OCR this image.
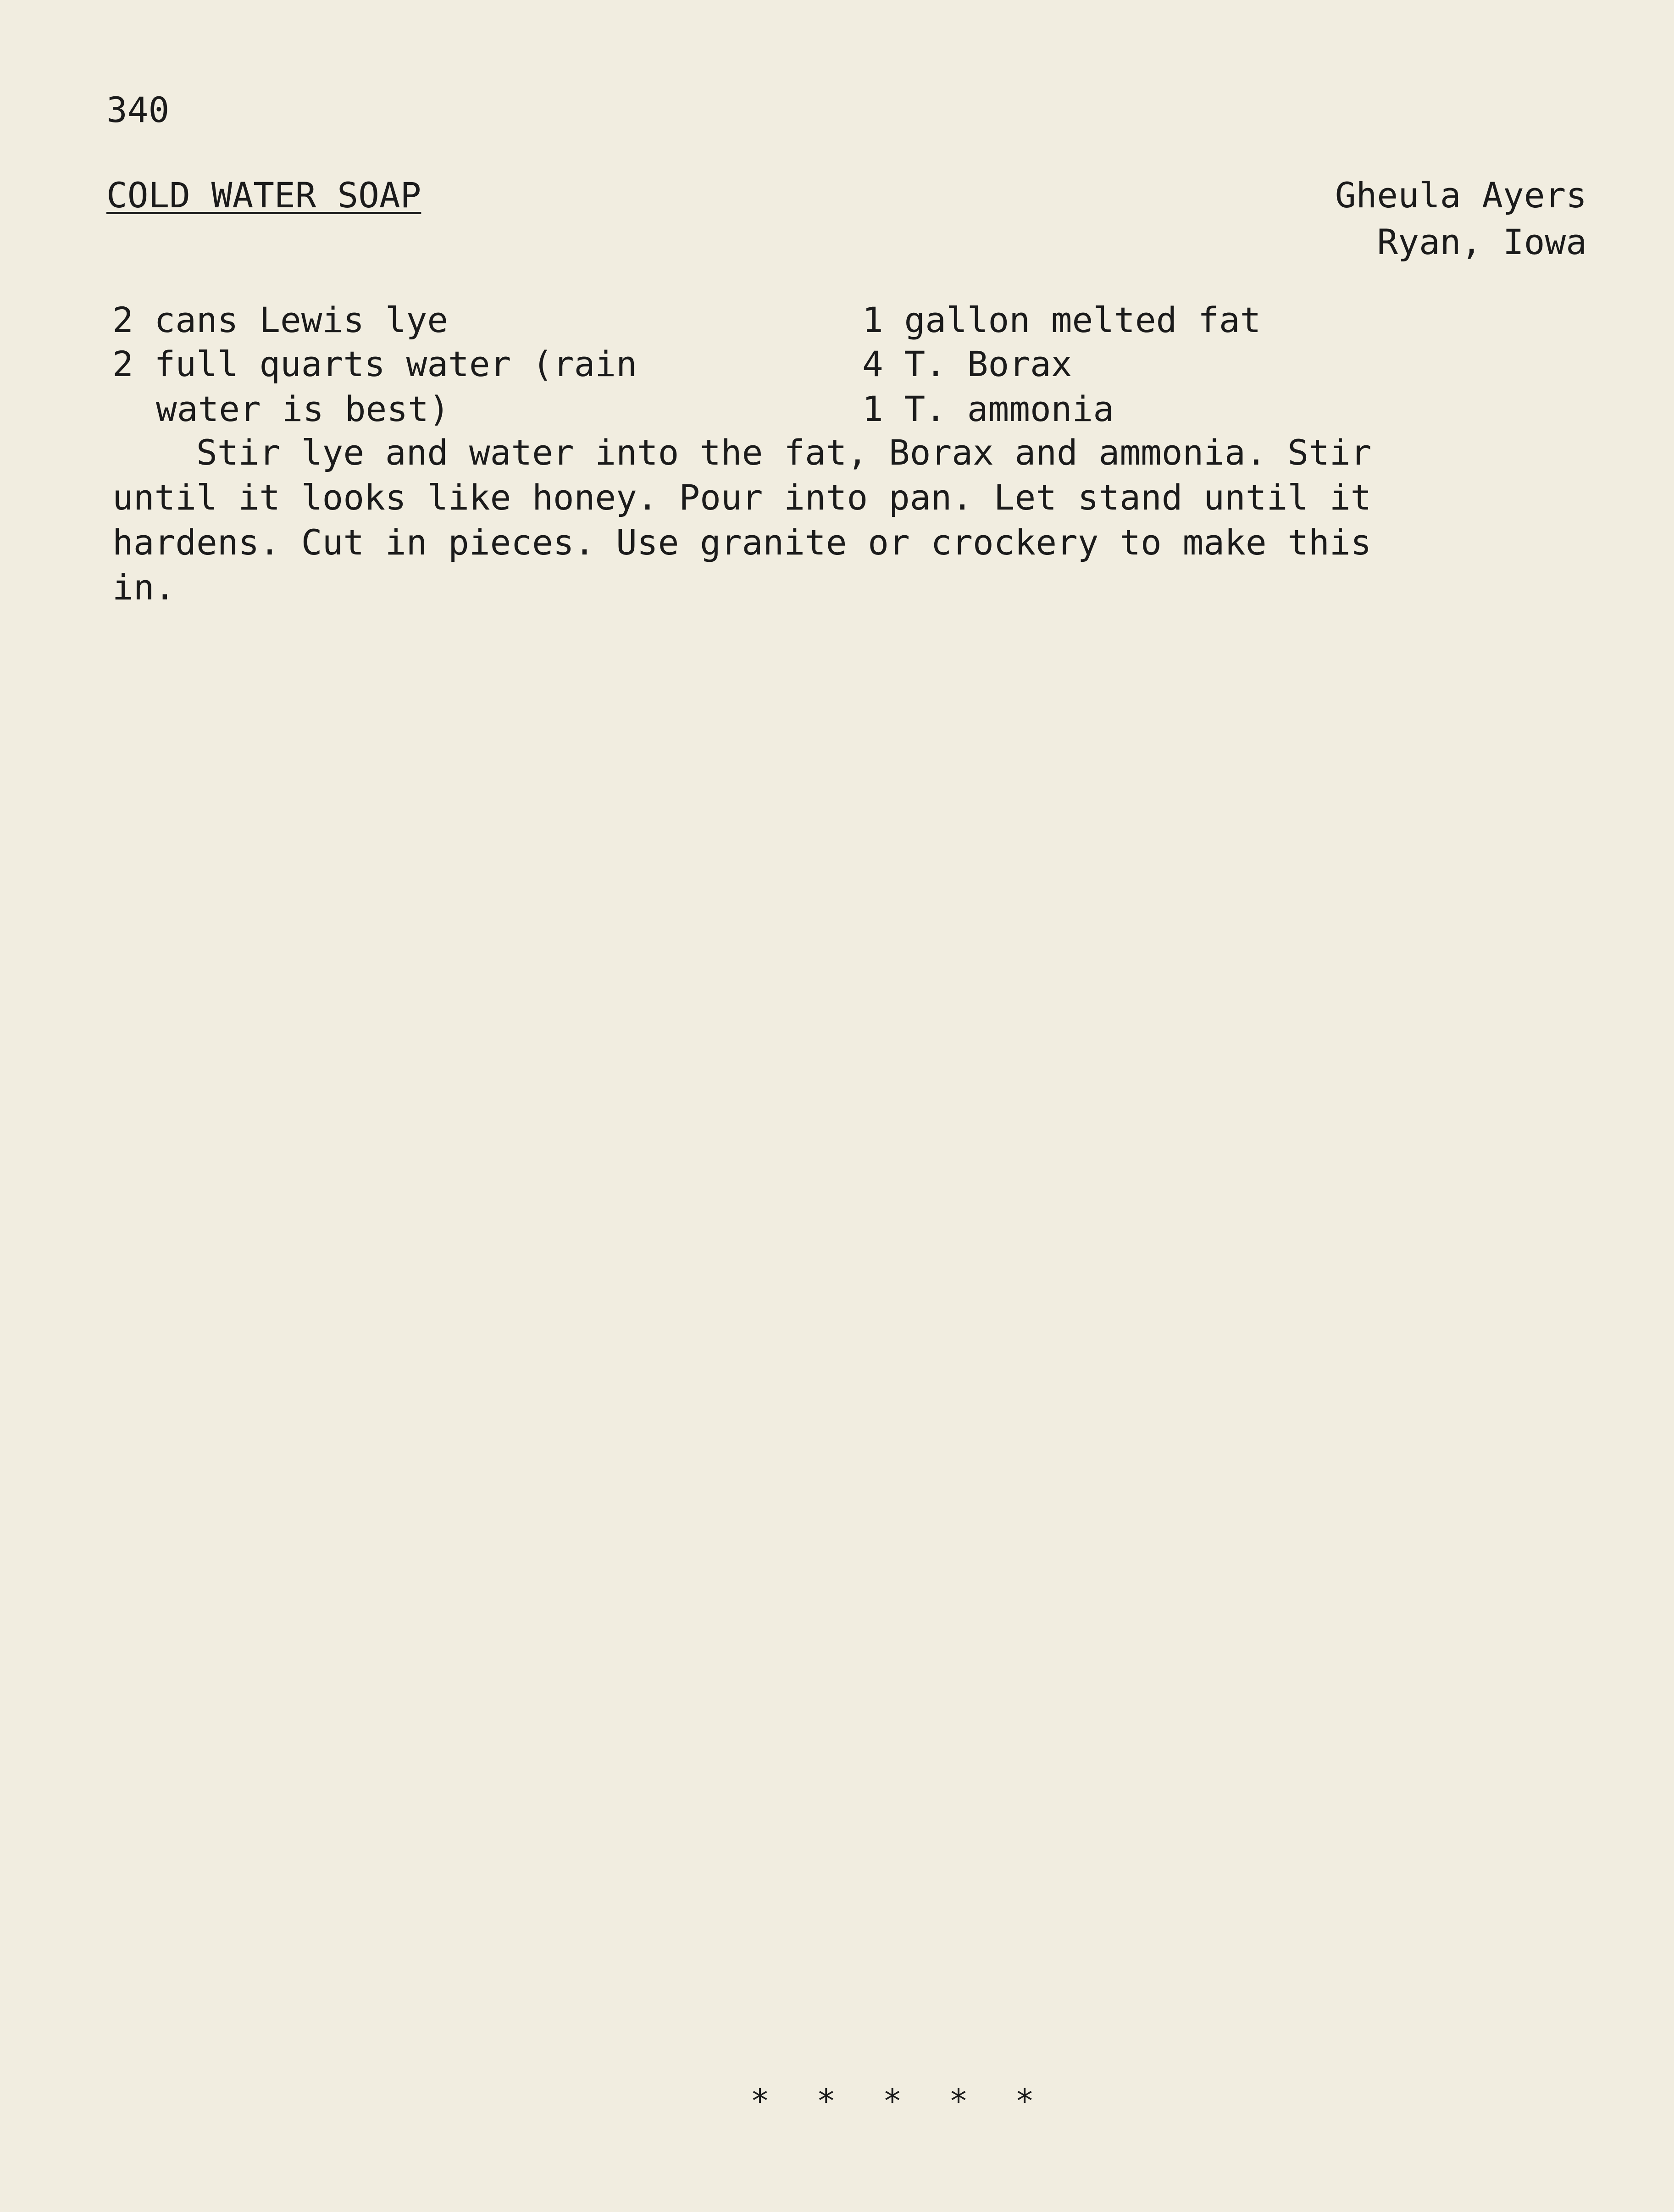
340
COLD WATER SOAP	Gheula Ayers
Ryan, Iowa
2 cans Lewis lye
2 full quarts water (rain
water is best)
1 gallon melted fat
4 T. Borax
1 T. ammonia

Stir lye and water into the fat, Borax and ammonia. Stir

until it looks like honey. Pour into pan. Let stand until it

hardens. Cut in pieces. Use granite or crockery to make this

in.

* * * * *
